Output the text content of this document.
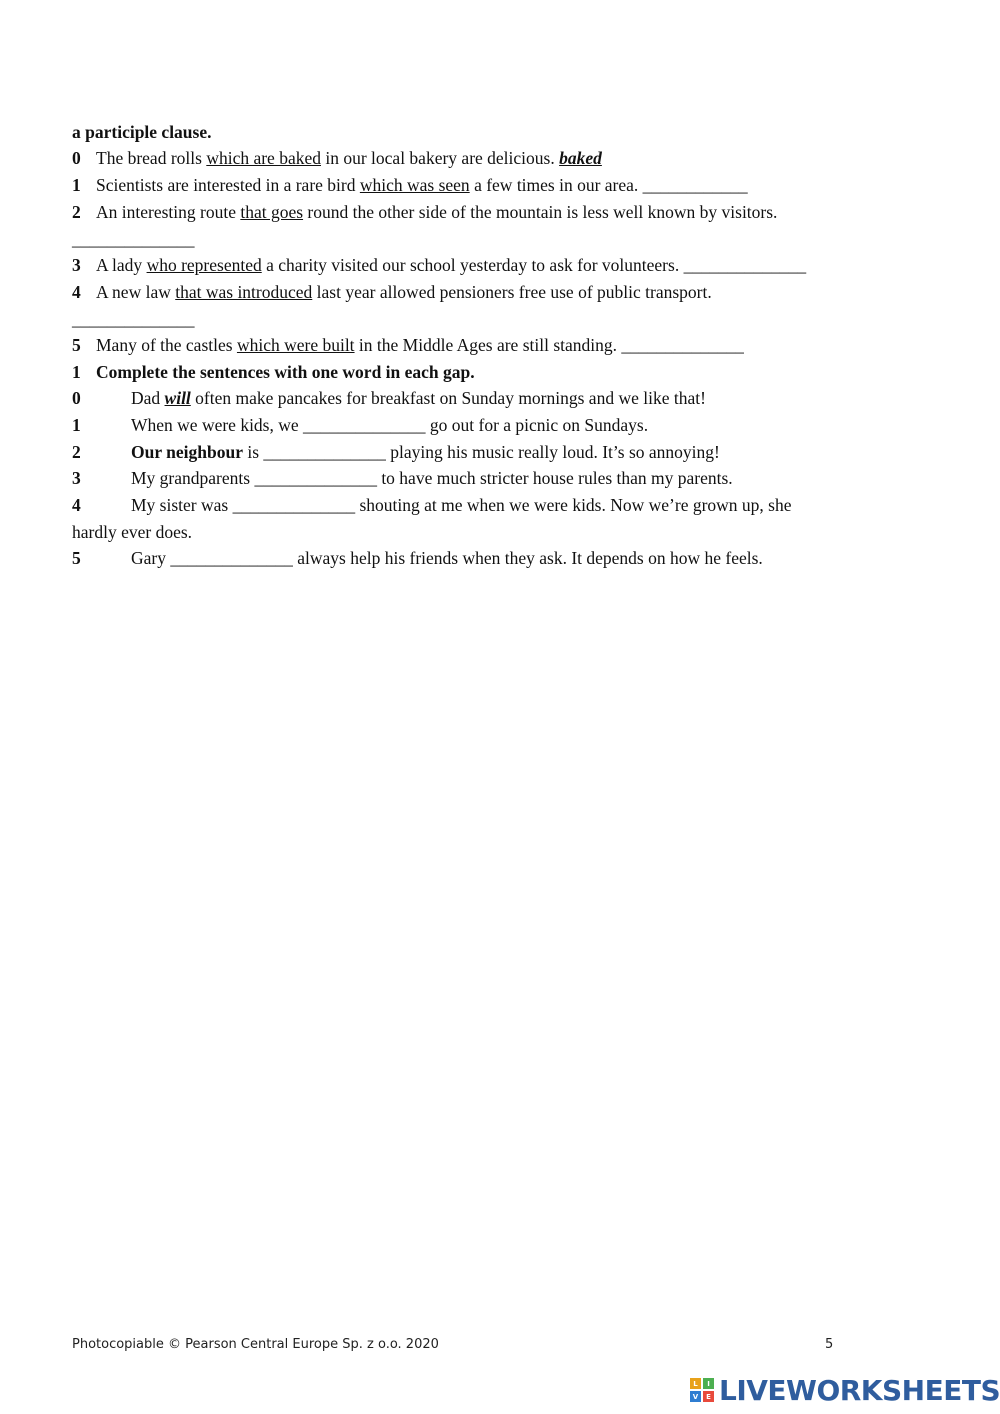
a participle clause.
0 The bread rolls which are baked in our local bakery are delicious. baked
1 Scientists are interested in a rare bird which was seen a few times in our area. ____________
2 An interesting route that goes round the other side of the mountain is less well known by visitors.
______________
3 A lady who represented a charity visited our school yesterday to ask for volunteers. ______________
4 A new law that was introduced last year allowed pensioners free use of public transport.
______________
5 Many of the castles which were built in the Middle Ages are still standing. ______________
1 Complete the sentences with one word in each gap.
0	Dad will often make pancakes for breakfast on Sunday mornings and we like that!
1	When we were kids, we ______________ go out for a picnic on Sundays.
2	Our neighbour is ______________ playing his music really loud. It’s so annoying!
3	My grandparents ______________ to have much stricter house rules than my parents.
4	My sister was ______________ shouting at me when we were kids. Now we’re grown up, she
hardly ever does.
5	Gary ______________ always help his friends when they ask. It depends on how he feels.
Photocopiable © Pearson Central Europe Sp. z o.o. 2020	5
L	I
V	E LIVEWORKSHEETS
